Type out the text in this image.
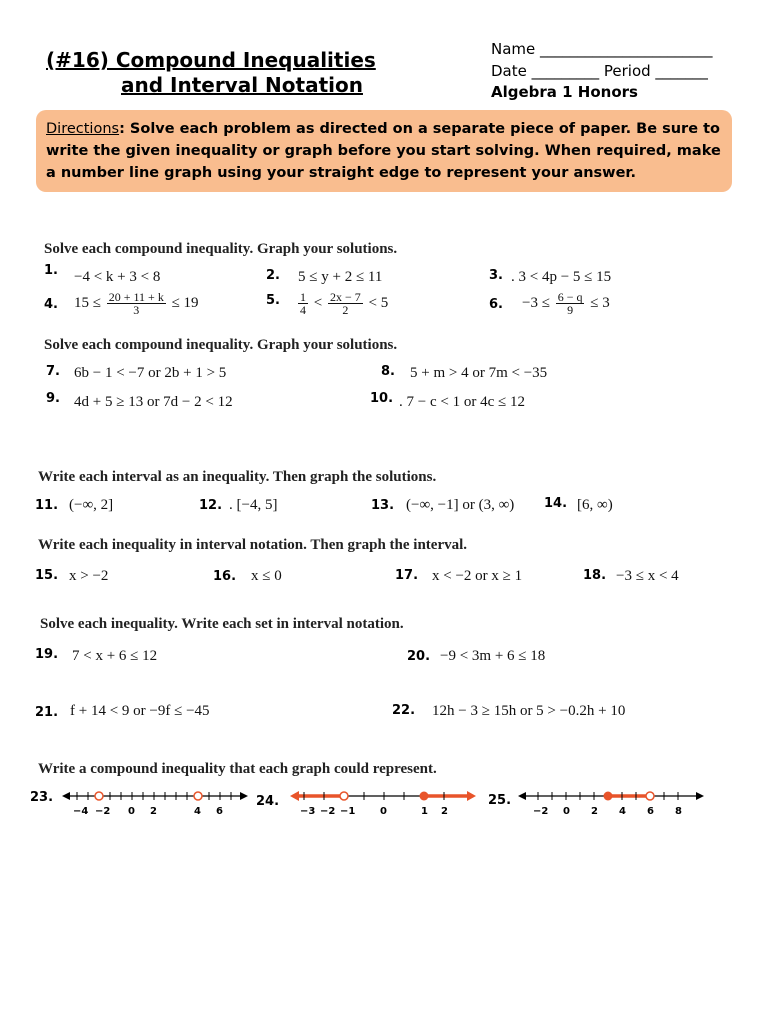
(#16) Compound Inequalities
and Interval Notation
Name _______________________
Date _________ Period _______
Algebra 1 Honors
Directions: Solve each problem as directed on a separate piece of paper. Be sure to write the given inequality or graph before you start solving. When required, make a number line graph using your straight edge to represent your answer.
Solve each compound inequality. Graph your solutions.
1. −4 < k + 3 < 8	2. 5 ≤ y + 2 ≤ 11	3. . 3 < 4p − 5 ≤ 15
4. $15 \le \frac{20 + 11 + k}{3} \le 19$	5. $\frac{1}{4} < \frac{2x - 7}{2} < 5$	6. $-3 \le \frac{6 - q}{9} \le 3$
Solve each compound inequality. Graph your solutions.
7. 6b − 1 < −7 or 2b + 1 > 5	8. 5 + m > 4 or 7m < −35
9. 4d + 5 ≥ 13 or 7d − 2 < 12	10. . 7 − c < 1 or 4c ≤ 12
Write each interval as an inequality. Then graph the solutions.
11. (−∞, 2]	12. . [−4, 5]	13. (−∞, −1] or (3, ∞) 14. [6, ∞)
Write each inequality in interval notation. Then graph the interval.
15. x > −2	16. x ≤ 0	17. x < −2 or x ≥ 1	18. −3 ≤ x < 4
Solve each inequality. Write each set in interval notation.
19. 7 < x + 6 ≤ 12	20. −9 < 3m + 6 ≤ 18
21. f + 14 < 9 or −9f ≤ −45	22. 12h − 3 ≥ 15h or 5 > −0.2h + 10
Write a compound inequality that each graph could represent.
23.	24.	25.
−4 −2 0 2	4 6	−3 −2 −1 0	1 2	−2 0 2 4 6 8
